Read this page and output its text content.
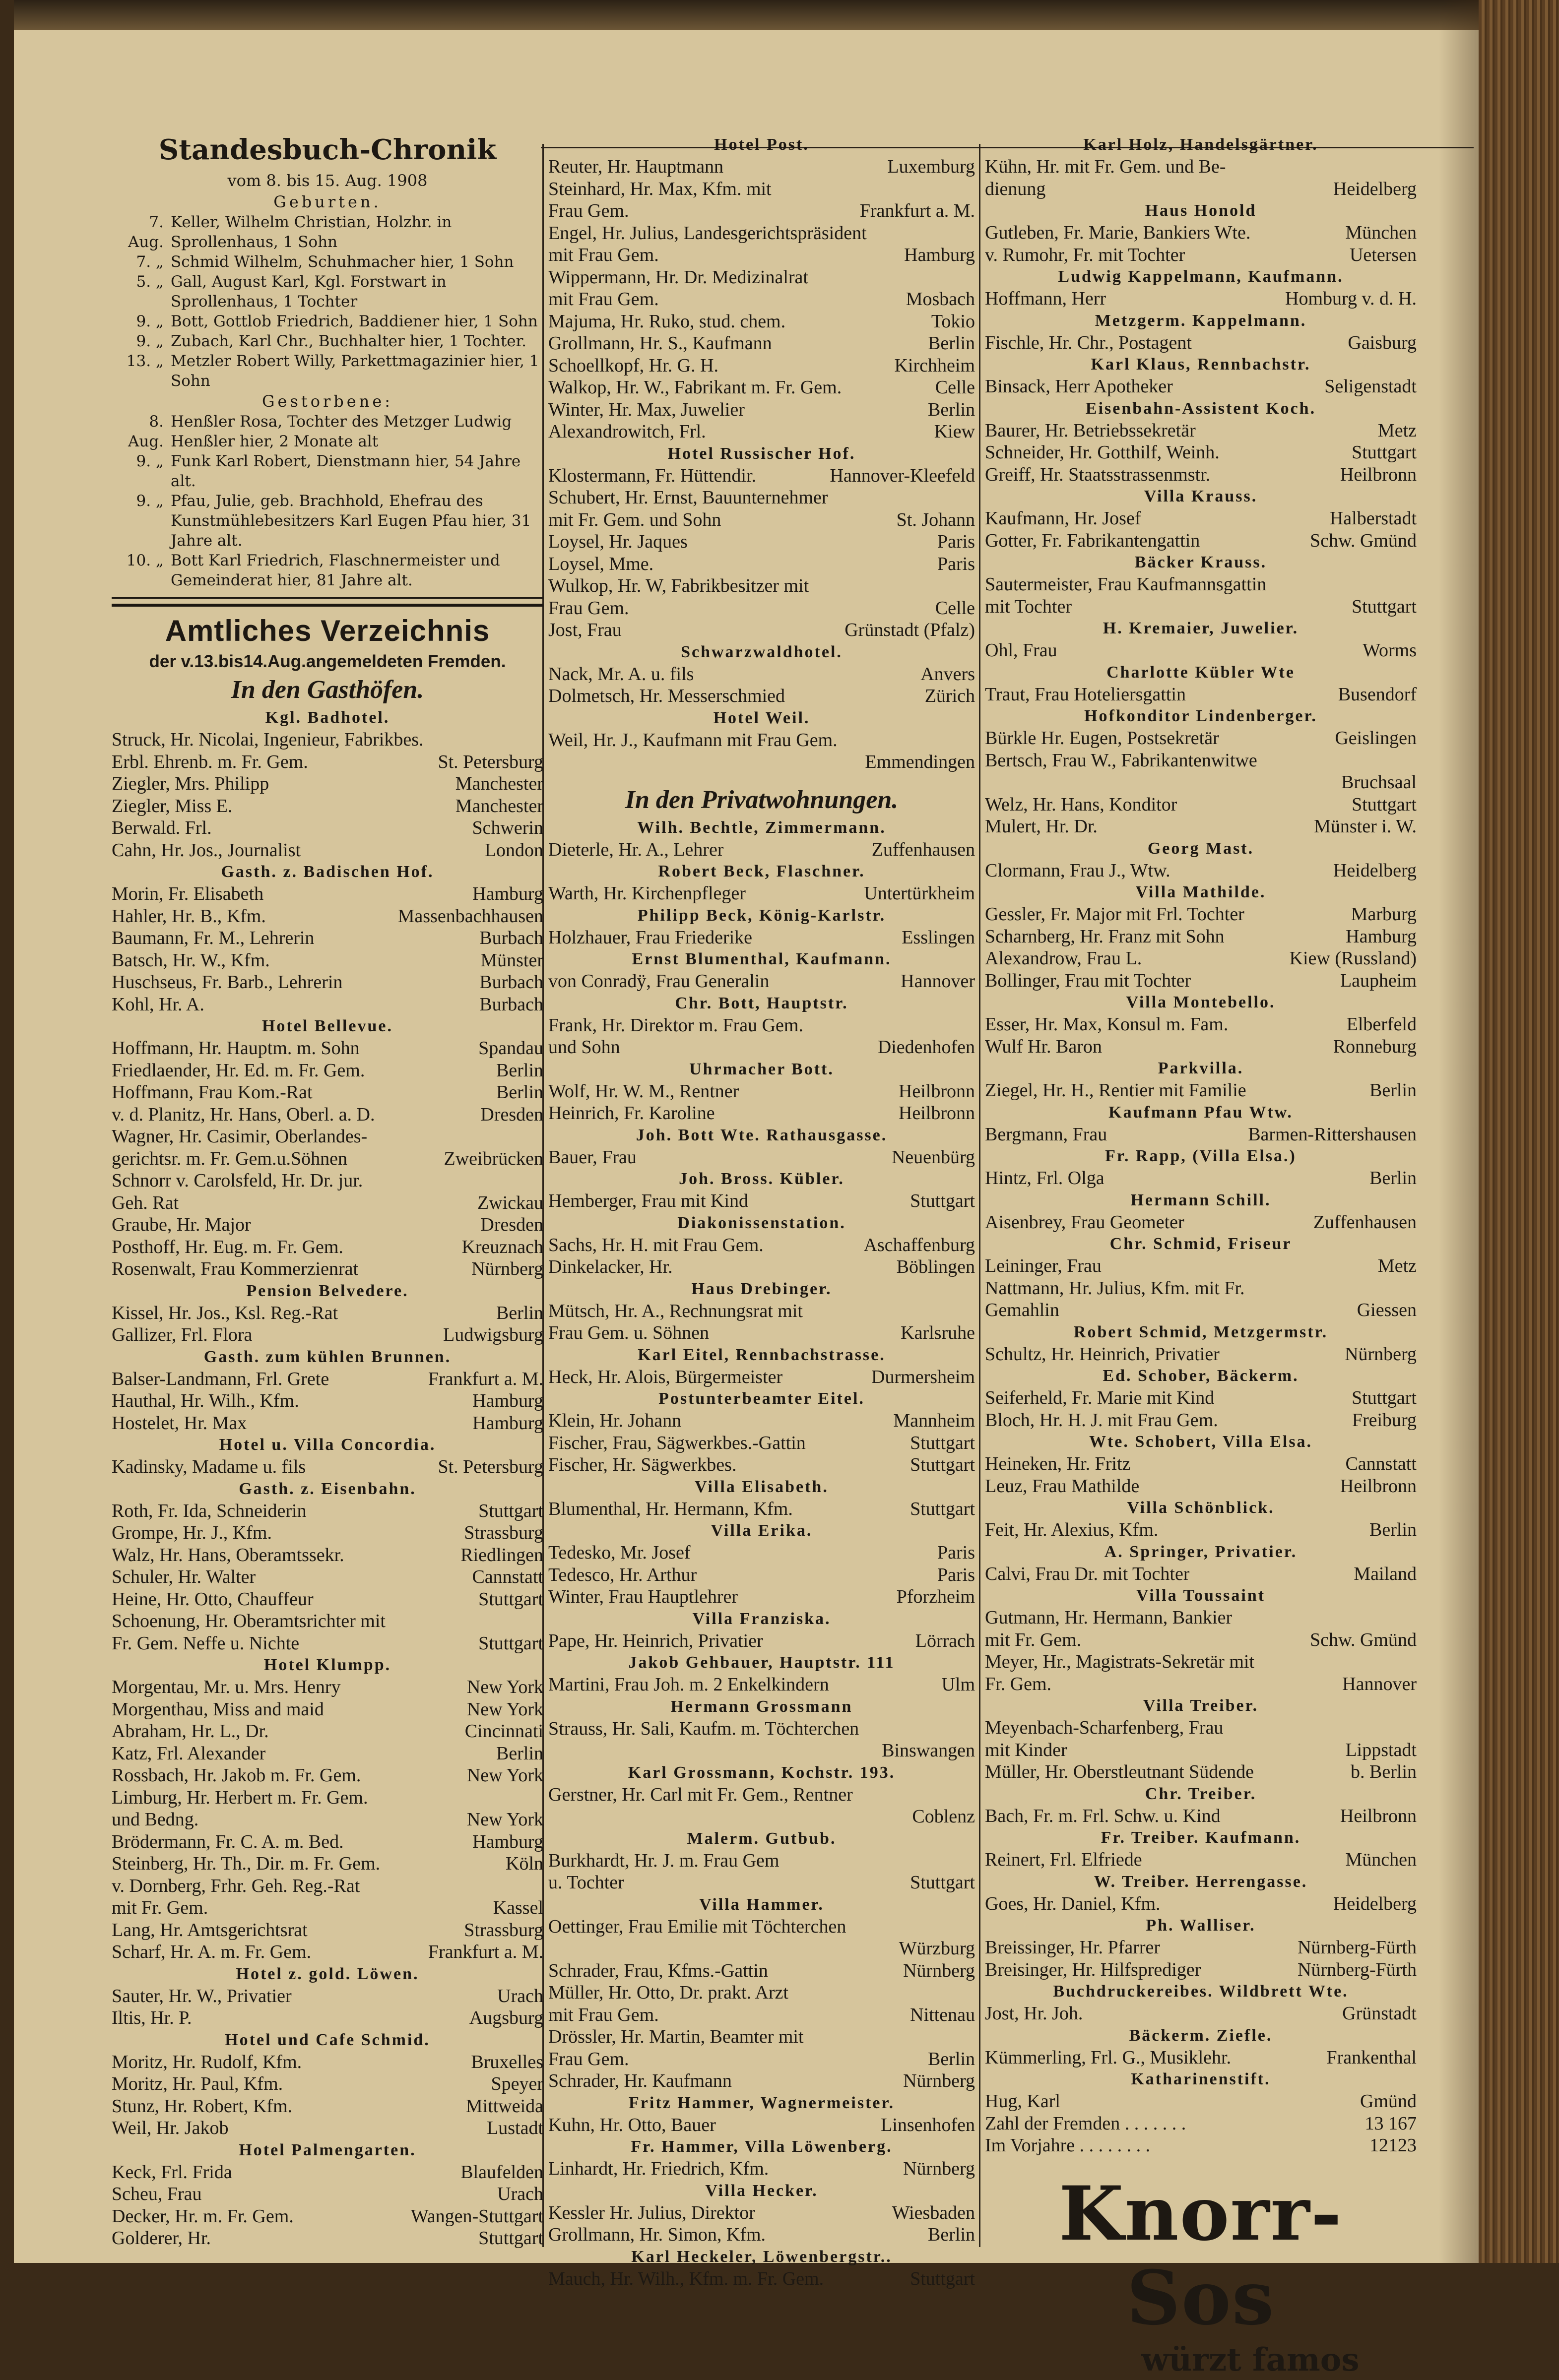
Standesbuch-Chronik
vom 8. bis 15. Aug. 1908
Geburten.
7. Aug.
Keller, Wilhelm Christian, Holzhr. in Sprollenhaus, 1 Sohn
7. „ Schmid Wilhelm, Schuhmacher hier, 1 Sohn
5. „ Gall, August Karl, Kgl. Forstwart in Sprollenhaus, 1 Tochter
9. „ Bott, Gottlob Friedrich, Baddiener hier, 1 Sohn
9. „ Zubach, Karl Chr., Buchhalter hier, 1 Tochter.
13. „ Metzler Robert Willy, Parkettmagazinier hier, 1 Sohn
Gestorbene:
8. Aug.
Henßler Rosa, Tochter des Metzger Ludwig Henßler hier, 2 Monate alt
9. „ Funk Karl Robert, Dienstmann hier, 54 Jahre alt.
9. „ Pfau, Julie, geb. Brachhold, Ehefrau des Kunstmühlebesitzers Karl Eugen Pfau hier, 31 Jahre alt.
10. „ Bott Karl Friedrich, Flaschnermeister und Gemeinderat hier, 81 Jahre alt.
Amtliches Verzeichnis
der v.13.bis14.Aug.angemeldeten Fremden.
In den Gasthöfen.
Kgl. Badhotel.
Struck, Hr. Nicolai, Ingenieur, Fabrikbes.
Erbl. Ehrenb. m. Fr. Gem.	St. Petersburg
Ziegler, Mrs. Philipp	Manchester
Ziegler, Miss E.	Manchester
Berwald. Frl.	Schwerin
Cahn, Hr. Jos., Journalist	London
Gasth. z. Badischen Hof.
Morin, Fr. Elisabeth	Hamburg
Hahler, Hr. B., Kfm.	Massenbachhausen
Baumann, Fr. M., Lehrerin	Burbach
Batsch, Hr. W., Kfm.	Münster
Huschseus, Fr. Barb., Lehrerin	Burbach
Kohl, Hr. A.	Burbach
Hotel Bellevue.
Hoffmann, Hr. Hauptm. m. Sohn	Spandau
Friedlaender, Hr. Ed. m. Fr. Gem.	Berlin
Hoffmann, Frau Kom.-Rat	Berlin
v. d. Planitz, Hr. Hans, Oberl. a. D.	Dresden
Wagner, Hr. Casimir, Oberlandes-
gerichtsr. m. Fr. Gem.u.Söhnen	Zweibrücken
Schnorr v. Carolsfeld, Hr. Dr. jur.
Geh. Rat	Zwickau
Graube, Hr. Major	Dresden
Posthoff, Hr. Eug. m. Fr. Gem.	Kreuznach
Rosenwalt, Frau Kommerzienrat	Nürnberg
Pension Belvedere.
Kissel, Hr. Jos., Ksl. Reg.-Rat	Berlin
Gallizer, Frl. Flora	Ludwigsburg
Gasth. zum kühlen Brunnen.
Balser-Landmann, Frl. Grete	Frankfurt a. M.
Hauthal, Hr. Wilh., Kfm.	Hamburg
Hostelet, Hr. Max	Hamburg
Hotel u. Villa Concordia.
Kadinsky, Madame u. fils	St. Petersburg
Gasth. z. Eisenbahn.
Roth, Fr. Ida, Schneiderin	Stuttgart
Grompe, Hr. J., Kfm.	Strassburg
Walz, Hr. Hans, Oberamtssekr.	Riedlingen
Schuler, Hr. Walter	Cannstatt
Heine, Hr. Otto, Chauffeur	Stuttgart
Schoenung, Hr. Oberamtsrichter mit
Fr. Gem. Neffe u. Nichte	Stuttgart
Hotel Klumpp.
Morgentau, Mr. u. Mrs. Henry	New York
Morgenthau, Miss and maid	New York
Abraham, Hr. L., Dr.	Cincinnati
Katz, Frl. Alexander	Berlin
Rossbach, Hr. Jakob m. Fr. Gem.	New York
Limburg, Hr. Herbert m. Fr. Gem.
und Bedng.	New York
Brödermann, Fr. C. A. m. Bed.	Hamburg
Steinberg, Hr. Th., Dir. m. Fr. Gem.	Köln
v. Dornberg, Frhr. Geh. Reg.-Rat
mit Fr. Gem.	Kassel
Lang, Hr. Amtsgerichtsrat	Strassburg
Scharf, Hr. A. m. Fr. Gem.	Frankfurt a. M.
Hotel z. gold. Löwen.
Sauter, Hr. W., Privatier	Urach
Iltis, Hr. P.	Augsburg
Hotel und Cafe Schmid.
Moritz, Hr. Rudolf, Kfm.	Bruxelles
Moritz, Hr. Paul, Kfm.	Speyer
Stunz, Hr. Robert, Kfm.	Mittweida
Weil, Hr. Jakob	Lustadt
Hotel Palmengarten.
Keck, Frl. Frida	Blaufelden
Scheu, Frau	Urach
Decker, Hr. m. Fr. Gem.	Wangen-Stuttgart
Golderer, Hr.	Stuttgart
Hotel Post.
Reuter, Hr. Hauptmann	Luxemburg
Steinhard, Hr. Max, Kfm. mit
Frau Gem.	Frankfurt a. M.
Engel, Hr. Julius, Landesgerichtspräsident
mit Frau Gem.	Hamburg
Wippermann, Hr. Dr. Medizinalrat
mit Frau Gem.	Mosbach
Majuma, Hr. Ruko, stud. chem.	Tokio
Grollmann, Hr. S., Kaufmann	Berlin
Schoellkopf, Hr. G. H.	Kirchheim
Walkop, Hr. W., Fabrikant m. Fr. Gem.	Celle
Winter, Hr. Max, Juwelier	Berlin
Alexandrowitch, Frl.	Kiew
Hotel Russischer Hof.
Klostermann, Fr. Hüttendir.	Hannover-Kleefeld
Schubert, Hr. Ernst, Bauunternehmer
mit Fr. Gem. und Sohn	St. Johann
Loysel, Hr. Jaques	Paris
Loysel, Mme.	Paris
Wulkop, Hr. W, Fabrikbesitzer mit
Frau Gem.	Celle
Jost, Frau	Grünstadt (Pfalz)
Schwarzwaldhotel.
Nack, Mr. A. u. fils	Anvers
Dolmetsch, Hr. Messerschmied	Zürich
Hotel Weil.
Weil, Hr. J., Kaufmann mit Frau Gem.
Emmendingen
In den Privatwohnungen.
Wilh. Bechtle, Zimmermann.
Dieterle, Hr. A., Lehrer	Zuffenhausen
Robert Beck, Flaschner.
Warth, Hr. Kirchenpfleger	Untertürkheim
Philipp Beck, König-Karlstr.
Holzhauer, Frau Friederike	Esslingen
Ernst Blumenthal, Kaufmann.
von Conradÿ, Frau Generalin	Hannover
Chr. Bott, Hauptstr.
Frank, Hr. Direktor m. Frau Gem.
und Sohn	Diedenhofen
Uhrmacher Bott.
Wolf, Hr. W. M., Rentner	Heilbronn
Heinrich, Fr. Karoline	Heilbronn
Joh. Bott Wte. Rathausgasse.
Bauer, Frau	Neuenbürg
Joh. Bross. Kübler.
Hemberger, Frau mit Kind	Stuttgart
Diakonissenstation.
Sachs, Hr. H. mit Frau Gem.	Aschaffenburg
Dinkelacker, Hr.	Böblingen
Haus Drebinger.
Mütsch, Hr. A., Rechnungsrat mit
Frau Gem. u. Söhnen	Karlsruhe
Karl Eitel, Rennbachstrasse.
Heck, Hr. Alois, Bürgermeister	Durmersheim
Postunterbeamter Eitel.
Klein, Hr. Johann	Mannheim
Fischer, Frau, Sägwerkbes.-Gattin	Stuttgart
Fischer, Hr. Sägwerkbes.	Stuttgart
Villa Elisabeth.
Blumenthal, Hr. Hermann, Kfm.	Stuttgart
Villa Erika.
Tedesko, Mr. Josef	Paris
Tedesco, Hr. Arthur	Paris
Winter, Frau Hauptlehrer	Pforzheim
Villa Franziska.
Pape, Hr. Heinrich, Privatier	Lörrach
Jakob Gehbauer, Hauptstr. 111
Martini, Frau Joh. m. 2 Enkelkindern	Ulm
Hermann Grossmann
Strauss, Hr. Sali, Kaufm. m. Töchterchen
Binswangen
Karl Grossmann, Kochstr. 193.
Gerstner, Hr. Carl mit Fr. Gem., Rentner
Coblenz
Malerm. Gutbub.
Burkhardt, Hr. J. m. Frau Gem
u. Tochter	Stuttgart
Villa Hammer.
Oettinger, Frau Emilie mit Töchterchen
Würzburg
Schrader, Frau, Kfms.-Gattin	Nürnberg
Müller, Hr. Otto, Dr. prakt. Arzt
mit Frau Gem.	Nittenau
Drössler, Hr. Martin, Beamter mit
Frau Gem.	Berlin
Schrader, Hr. Kaufmann	Nürnberg
Fritz Hammer, Wagnermeister.
Kuhn, Hr. Otto, Bauer	Linsenhofen
Fr. Hammer, Villa Löwenberg.
Linhardt, Hr. Friedrich, Kfm.	Nürnberg
Villa Hecker.
Kessler Hr. Julius, Direktor	Wiesbaden
Grollmann, Hr. Simon, Kfm.	Berlin
Karl Heckeler, Löwenbergstr..
Mauch, Hr. Wilh., Kfm. m. Fr. Gem.	Stuttgart
Karl Holz, Handelsgärtner.
Kühn, Hr. mit Fr. Gem. und Be-
dienung	Heidelberg
Haus Honold
Gutleben, Fr. Marie, Bankiers Wte.	München
v. Rumohr, Fr. mit Tochter	Uetersen
Ludwig Kappelmann, Kaufmann.
Hoffmann, Herr	Homburg v. d. H.
Metzgerm. Kappelmann.
Fischle, Hr. Chr., Postagent	Gaisburg
Karl Klaus, Rennbachstr.
Binsack, Herr Apotheker	Seligenstadt
Eisenbahn-Assistent Koch.
Baurer, Hr. Betriebssekretär	Metz
Schneider, Hr. Gotthilf, Weinh.	Stuttgart
Greiff, Hr. Staatsstrassenmstr.	Heilbronn
Villa Krauss.
Kaufmann, Hr. Josef	Halberstadt
Gotter, Fr. Fabrikantengattin	Schw. Gmünd
Bäcker Krauss.
Sautermeister, Frau Kaufmannsgattin
mit Tochter	Stuttgart
H. Kremaier, Juwelier.
Ohl, Frau	Worms
Charlotte Kübler Wte
Traut, Frau Hoteliersgattin	Busendorf
Hofkonditor Lindenberger.
Bürkle Hr. Eugen, Postsekretär	Geislingen
Bertsch, Frau W., Fabrikantenwitwe
Bruchsaal
Welz, Hr. Hans, Konditor	Stuttgart
Mulert, Hr. Dr.	Münster i. W.
Georg Mast.
Clormann, Frau J., Wtw.	Heidelberg
Villa Mathilde.
Gessler, Fr. Major mit Frl. Tochter	Marburg
Scharnberg, Hr. Franz mit Sohn	Hamburg
Alexandrow, Frau L.	Kiew (Russland)
Bollinger, Frau mit Tochter	Laupheim
Villa Montebello.
Esser, Hr. Max, Konsul m. Fam.	Elberfeld
Wulf Hr. Baron	Ronneburg
Parkvilla.
Ziegel, Hr. H., Rentier mit Familie	Berlin
Kaufmann Pfau Wtw.
Bergmann, Frau	Barmen-Rittershausen
Fr. Rapp, (Villa Elsa.)
Hintz, Frl. Olga	Berlin
Hermann Schill.
Aisenbrey, Frau Geometer	Zuffenhausen
Chr. Schmid, Friseur
Leininger, Frau	Metz
Nattmann, Hr. Julius, Kfm. mit Fr.
Gemahlin	Giessen
Robert Schmid, Metzgermstr.
Schultz, Hr. Heinrich, Privatier	Nürnberg
Ed. Schober, Bäckerm.
Seiferheld, Fr. Marie mit Kind	Stuttgart
Bloch, Hr. H. J. mit Frau Gem.	Freiburg
Wte. Schobert, Villa Elsa.
Heineken, Hr. Fritz	Cannstatt
Leuz, Frau Mathilde	Heilbronn
Villa Schönblick.
Feit, Hr. Alexius, Kfm.	Berlin
A. Springer, Privatier.
Calvi, Frau Dr. mit Tochter	Mailand
Villa Toussaint
Gutmann, Hr. Hermann, Bankier
mit Fr. Gem.	Schw. Gmünd
Meyer, Hr., Magistrats-Sekretär mit
Fr. Gem.	Hannover
Villa Treiber.
Meyenbach-Scharfenberg, Frau
mit Kinder	Lippstadt
Müller, Hr. Oberstleutnant Südende	b. Berlin
Chr. Treiber.
Bach, Fr. m. Frl. Schw. u. Kind	Heilbronn
Fr. Treiber. Kaufmann.
Reinert, Frl. Elfriede	München
W. Treiber. Herrengasse.
Goes, Hr. Daniel, Kfm.	Heidelberg
Ph. Walliser.
Breissinger, Hr. Pfarrer	Nürnberg-Fürth
Breisinger, Hr. Hilfsprediger	Nürnberg-Fürth
Buchdruckereibes. Wildbrett Wte.
Jost, Hr. Joh.	Grünstadt
Bäckerm. Ziefle.
Kümmerling, Frl. G., Musiklehr.	Frankenthal
Katharinenstift.
Hug, Karl	Gmünd
Zahl der Fremden . . . . . . .	13 167
Im Vorjahre . . . . . . . .	12123
Knorr-Sos
würzt famos
